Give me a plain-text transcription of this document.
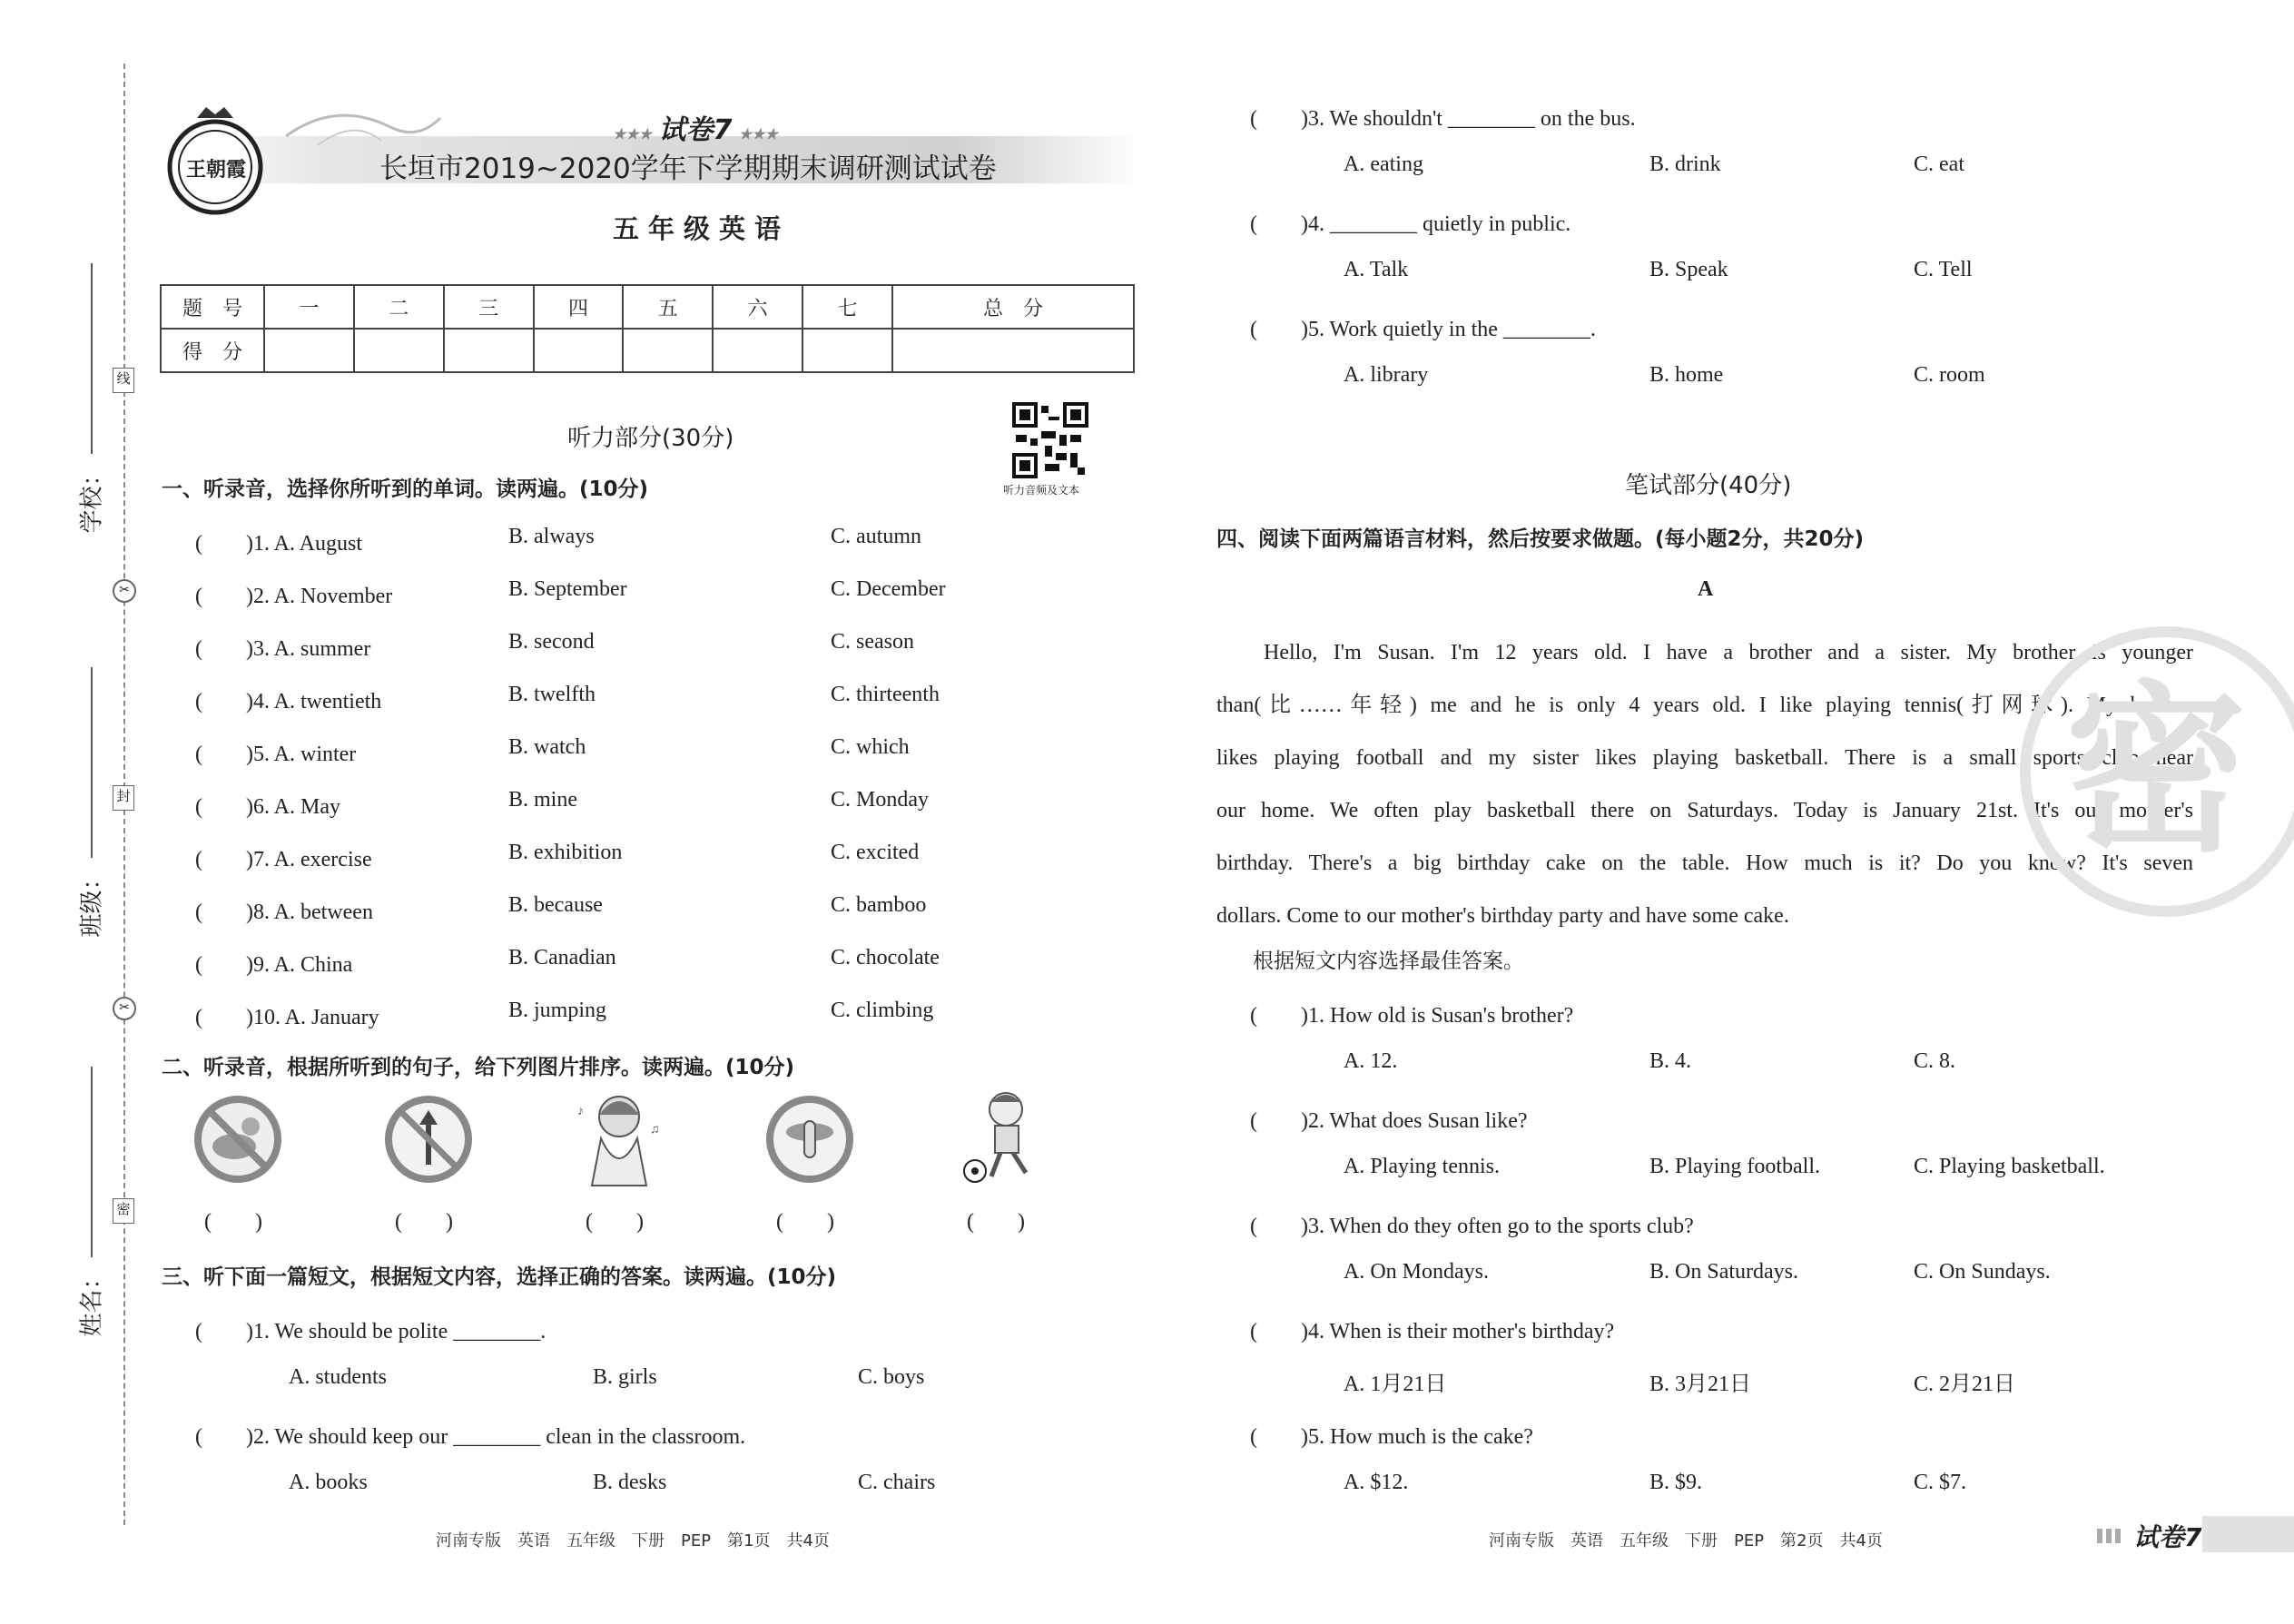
学校：
班级：
姓名：
线
封
密
✂
✂
王朝霞
★★★ 试卷7 ★★★
长垣市2019~2020学年下学期期末调研测试试卷
五年级英语
题　号	一	二	三	四	五	六	七	总　分
得　分								
听力部分(30分)
听力音频及文本
一、听录音，选择你所听到的单词。读两遍。(10分)
(　　)1. A. August	B. always	C. autumn
(　　)2. A. November	B. September	C. December
(　　)3. A. summer	B. second	C. season
(　　)4. A. twentieth	B. twelfth	C. thirteenth
(　　)5. A. winter	B. watch	C. which
(　　)6. A. May	B. mine	C. Monday
(　　)7. A. exercise	B. exhibition	C. excited
(　　)8. A. between	B. because	C. bamboo
(　　)9. A. China	B. Canadian	C. chocolate
(　　)10. A. January	B. jumping	C. climbing
二、听录音，根据所听到的句子，给下列图片排序。读两遍。(10分)
♪
♫
(　　)	(　　)	(　　)	(　　)	(　　)
三、听下面一篇短文，根据短文内容，选择正确的答案。读两遍。(10分)
(　　)1. We should be polite ________.
A. students	B. girls	C. boys
(　　)2. We should keep our ________ clean in the classroom.
A. books	B. desks	C. chairs
河南专版　英语　五年级　下册　PEP　第1页　共4页
(　　)3. We shouldn't ________ on the bus.
A. eating	B. drink	C. eat
(　　)4. ________ quietly in public.
A. Talk	B. Speak	C. Tell
(　　)5. Work quietly in the ________.
A. library	B. home	C. room
笔试部分(40分)
四、阅读下面两篇语言材料，然后按要求做题。(每小题2分，共20分)
A
Hello, I'm Susan. I'm 12 years old. I have a brother and a sister. My brother is younger
than(比……年轻) me and he is only 4 years old. I like playing tennis(打网球). My brother
likes playing football and my sister likes playing basketball. There is a small sports club near
our home. We often play basketball there on Saturdays. Today is January 21st. It's our mother's
birthday. There's a big birthday cake on the table. How much is it? Do you know? It's seven
dollars. Come to our mother's birthday party and have some cake.
根据短文内容选择最佳答案。
(　　)1. How old is Susan's brother?
A. 12.	B. 4.	C. 8.
(　　)2. What does Susan like?
A. Playing tennis.	B. Playing football.	C. Playing basketball.
(　　)3. When do they often go to the sports club?
A. On Mondays.	B. On Saturdays.	C. On Sundays.
(　　)4. When is their mother's birthday?
A. 1月21日	B. 3月21日	C. 2月21日
(　　)5. How much is the cake?
A. $12.	B. $9.	C. $7.
河南专版　英语　五年级　下册　PEP　第2页　共4页
密
试卷7
